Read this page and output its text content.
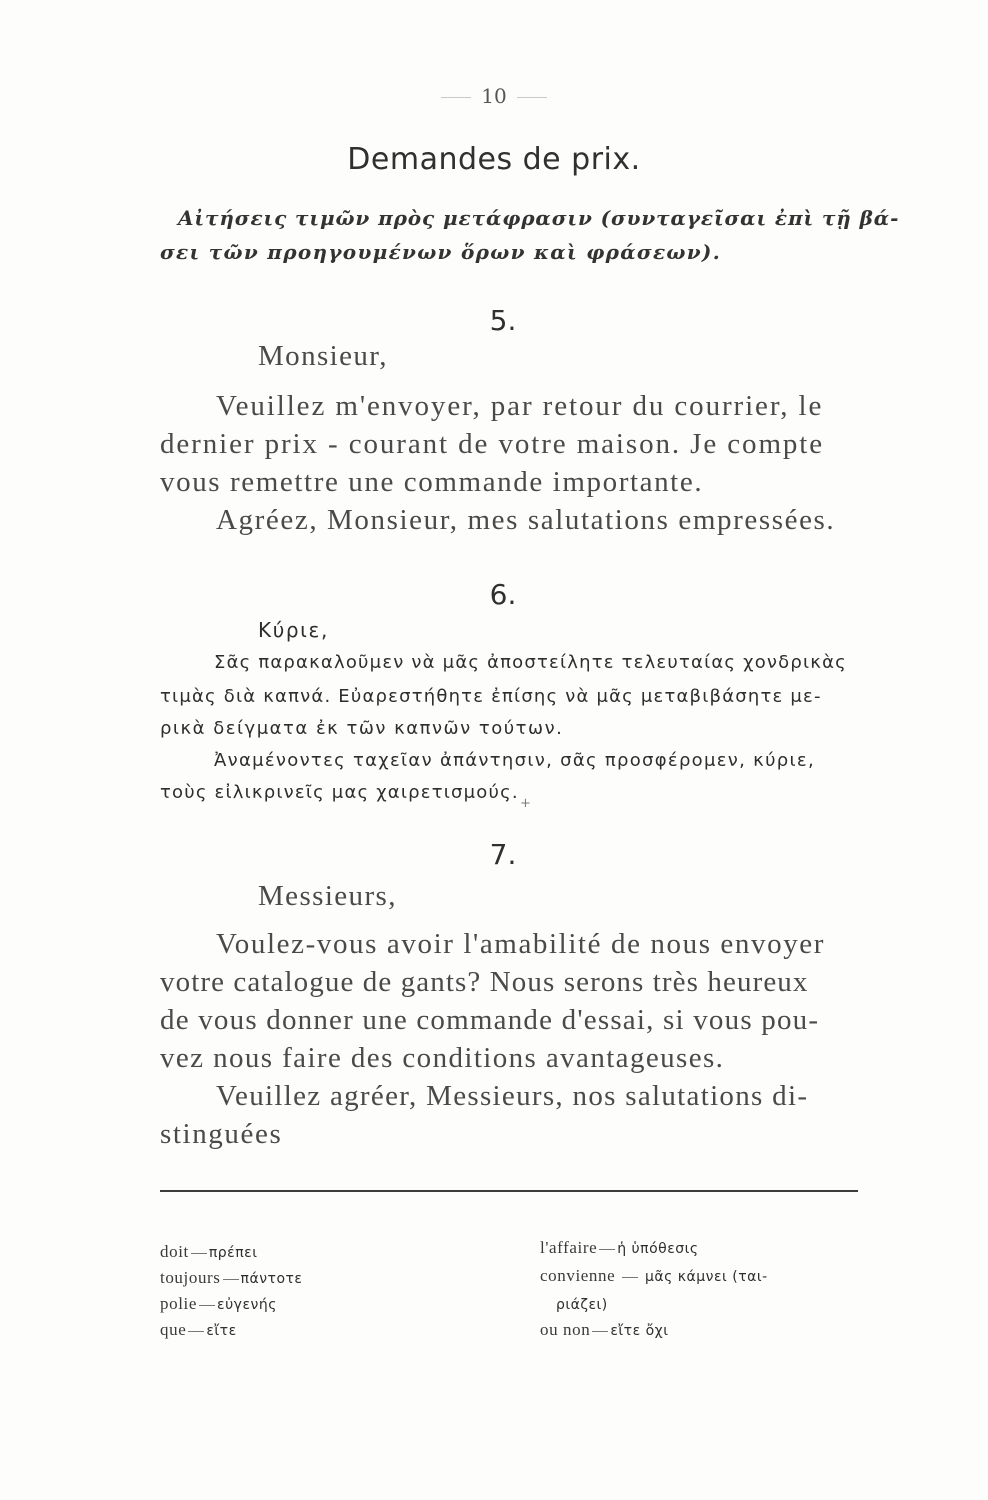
10
Demandes de prix.
Αἰτήσεις τιμῶν πρὸς μετάφρασιν (συνταγεῖσαι ἐπὶ τῇ βά-
σει τῶν προηγουμένων ὅρων καὶ φράσεων).
5.
Monsieur,
Veuillez m'envoyer, par retour du courrier, le
dernier prix - courant de votre maison. Je compte
vous remettre une commande importante.
Agréez, Monsieur, mes salutations empressées.
6.
Κύριε,
Σᾶς παρακαλοῦμεν νὰ μᾶς ἀποστείλητε τελευταίας χονδρικὰς
τιμὰς διὰ καπνά. Εὐαρεστήθητε ἐπίσης νὰ μᾶς μεταβιβάσητε με-
ρικὰ δείγματα ἐκ τῶν καπνῶν τούτων.
Ἀναμένοντες ταχεῖαν ἀπάντησιν, σᾶς προσφέρομεν, κύριε,
τοὺς εἰλικρινεῖς μας χαιρετισμούς.
+
7.
Messieurs,
Voulez-vous avoir l'amabilité de nous envoyer
votre catalogue de gants? Nous serons très heureux
de vous donner une commande d'essai, si vous pou-
vez nous faire des conditions avantageuses.
Veuillez agréer, Messieurs, nos salutations di-
stinguées
doit πρέπει
toujours πάντοτε
polie εὐγενής
que εἴτε
l'affaire ἡ ὑπόθεσις
convienne μᾶς κάμνει (ται-
ριάζει)
ou non εἴτε ὄχι
